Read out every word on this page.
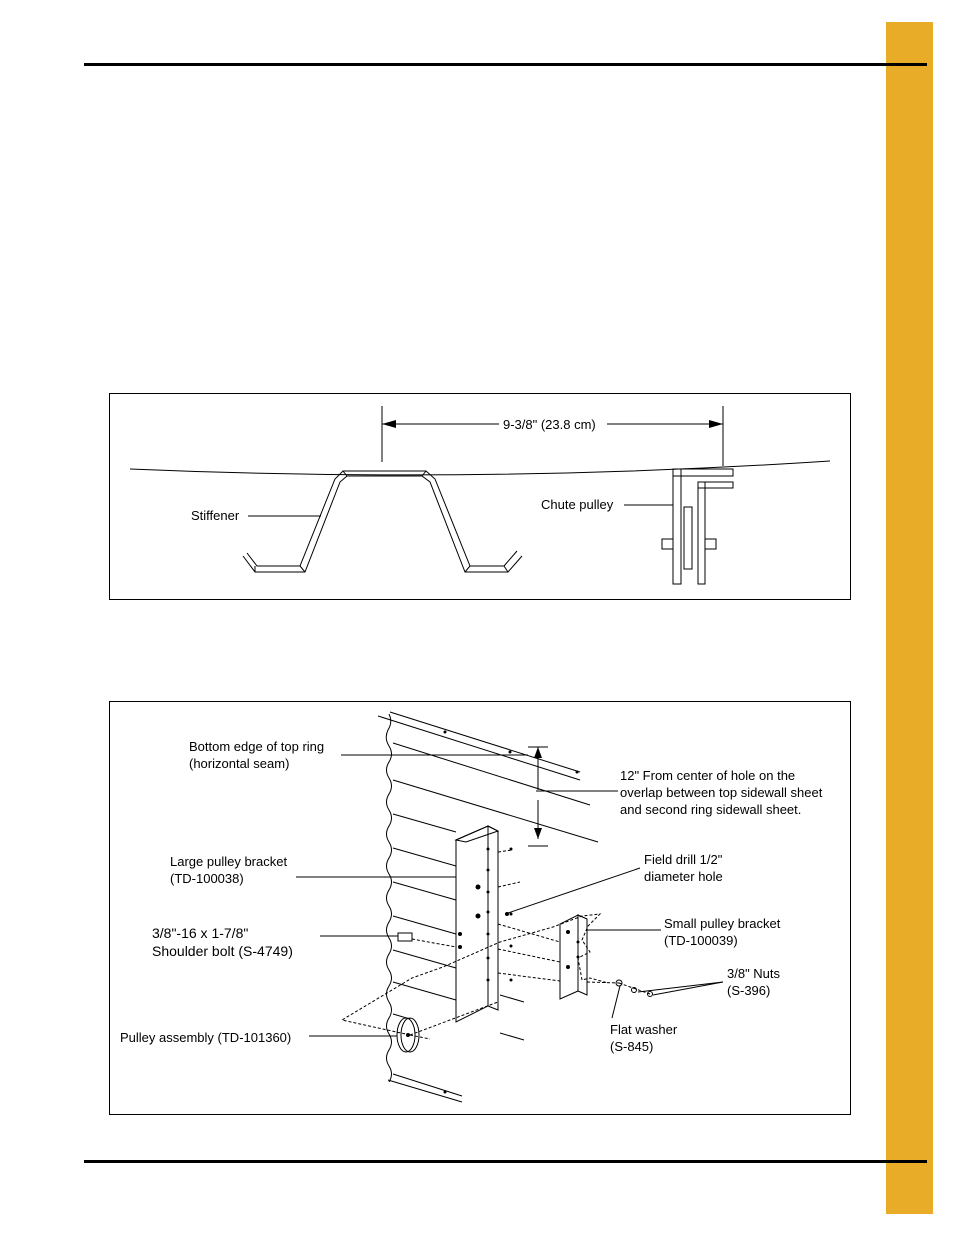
9-3/8" (23.8 cm)
Stiffener
Chute pulley
Bottom edge of top ring
(horizontal seam)
12" From center of hole on the
overlap between top sidewall sheet
and second ring sidewall sheet.
Large pulley bracket
(TD-100038)
Field drill 1/2"
diameter hole
Small pulley bracket
(TD-100039)
3/8"-16 x 1-7/8"
Shoulder bolt (S-4749)
3/8" Nuts
(S-396)
Pulley assembly (TD-101360)
Flat washer
(S-845)
